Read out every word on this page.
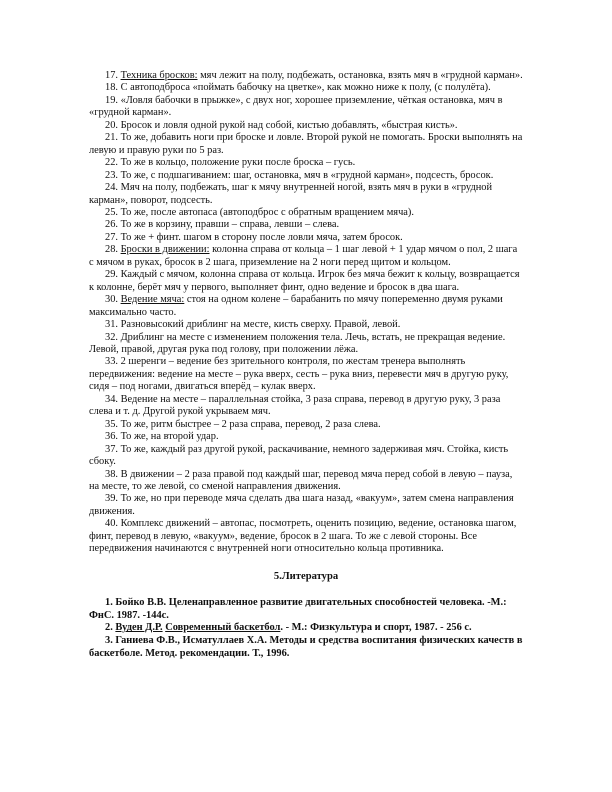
17. Техника бросков: мяч лежит на полу, подбежать, остановка, взять мяч в «грудной карман».

18. С автоподброса «поймать бабочку на цветке», как можно ниже к полу, (с полулёта).

19. «Ловля бабочки в прыжке», с двух ног, хорошее приземление, чёткая остановка, мяч в «грудной карман».

20. Бросок и ловля одной рукой над собой, кистью добавлять, «быстрая кисть».

21. То же, добавить ноги при броске и ловле. Второй рукой не помогать. Броски выполнять на левую и правую руки по 5 раз.

22. То же в кольцо, положение руки после броска – гусь.

23. То же, с подшагиванием: шаг, остановка, мяч в «грудной карман», подсесть, бросок.

24. Мяч на полу, подбежать, шаг к мячу внутренней ногой, взять мяч в руки в «грудной карман», поворот, подсесть.

25. То же, после автопаса (автоподброс с обратным вращением мяча).

26. То же в корзину, правши – справа, левши – слева.

27. То же + финт. шагом в сторону после ловли мяча, затем бросок.

28. Броски в движении: колонна справа от кольца – 1 шаг левой + 1 удар мячом о пол, 2 шага с мячом в руках, бросок в 2 шага, приземление на 2 ноги перед щитом и кольцом.

29. Каждый с мячом, колонна справа от кольца. Игрок без мяча бежит к кольцу, возвращается к колонне, берёт мяч у первого, выполняет финт, одно ведение и бросок в два шага.

30. Ведение мяча: стоя на одном колене – барабанить по мячу попеременно двумя руками максимально часто.

31. Разновысокий дриблинг на месте, кисть сверху. Правой, левой.

32. Дриблинг на месте с изменением положения тела. Лечь, встать, не прекращая ведение. Левой, правой, другая рука под голову, при положении лёжа.

33. 2 шеренги – ведение без зрительного контроля, по жестам тренера выполнять передвижения: ведение на месте – рука вверх, сесть – рука вниз, перевести мяч в другую руку, сидя – под ногами, двигаться вперёд – кулак вверх.

34. Ведение на месте – параллельная стойка, 3 раза справа, перевод в другую руку, 3 раза слева и т. д. Другой рукой укрываем мяч.

35. То же, ритм быстрее – 2 раза справа, перевод, 2 раза слева.

36. То же, на второй удар.

37. То же, каждый раз другой рукой, раскачивание, немного задерживая мяч. Стойка, кисть сбоку.

38. В движении – 2 раза правой под каждый шаг, перевод мяча перед собой в левую – пауза, на месте, то же левой, со сменой направления движения.

39. То же, но при переводе мяча сделать два шага назад, «вакуум», затем смена направления движения.

40. Комплекс движений – автопас, посмотреть, оценить позицию, ведение, остановка шагом, финт, перевод в левую, «вакуум», ведение, бросок в 2 шага. То же с левой стороны. Все передвижения начинаются с внутренней ноги относительно кольца противника.

5.Литература

1. Бойко В.В. Целенаправленное развитие двигательных способностей человека. -М.: ФнС. 1987. -144с.

2. Вуден Д.Р. Современный баскетбол. - М.: Физкультура и спорт, 1987. - 256 с.

3. Ганиева Ф.В., Исматуллаев Х.А. Методы и средства воспитания физических качеств в баскетболе. Метод. рекомендации. Т., 1996.
